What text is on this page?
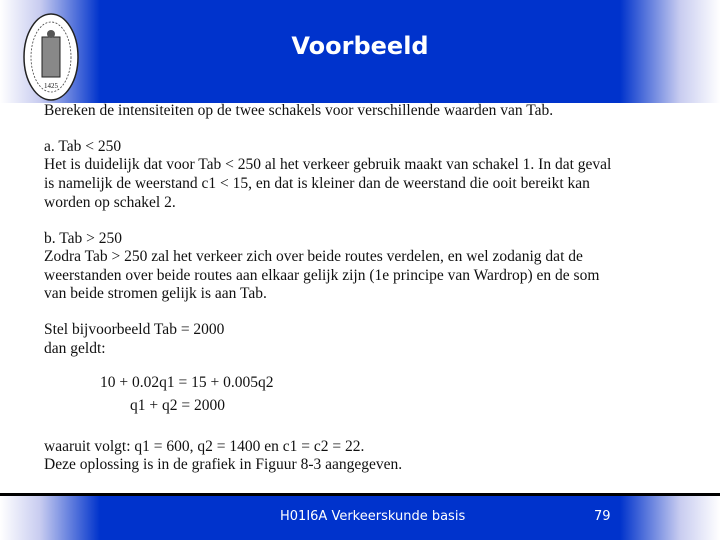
1425
Voorbeeld
Bereken de intensiteiten op de twee schakels voor verschillende waarden van Tab.
a. Tab < 250
Het is duidelijk dat voor Tab < 250 al het verkeer gebruik maakt van schakel 1. In dat geval
is namelijk de weerstand c1 < 15, en dat is kleiner dan de weerstand die ooit bereikt kan
worden op schakel 2.
b. Tab > 250
Zodra Tab > 250 zal het verkeer zich over beide routes verdelen, en wel zodanig dat de
weerstanden over beide routes aan elkaar gelijk zijn (1e principe van Wardrop) en de som
van beide stromen gelijk is aan Tab.
Stel bijvoorbeeld Tab = 2000
dan geldt:
10 + 0.02q1 = 15 + 0.005q2
q1 + q2 = 2000
waaruit volgt: q1 = 600, q2 = 1400 en c1 = c2 = 22.
Deze oplossing is in de grafiek in Figuur 8-3 aangegeven.
H01I6A Verkeerskunde basis	79
